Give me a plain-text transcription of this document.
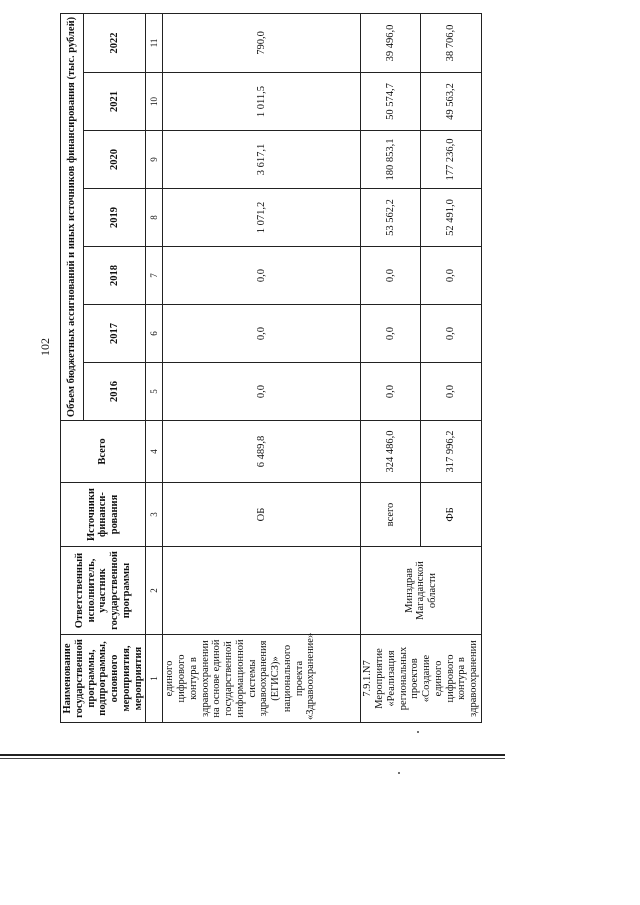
102
Наименование государственной программы, подпрограммы, основного мероприятия, мероприятия	Ответственный исполнитель, участник государственной программы	Источники финанси-рования	Всего	Объем бюджетных ассигнований и иных источников финансирования (тыс. рублей)						
				2016	2017	2018	2019	2020	2021	2022
1	2	3	4	5	6	7	8	9	10	11
единого цифрового контура в здравоохранении на основе единой государственной информационной системы здравоохранения (ЕГИСЗ)» национального проекта «Здравоохранение»		ОБ	6 489,8	0,0	0,0	0,0	1 071,2	3 617,1	1 011,5	790,0
7.9.1.N7 Мероприятие «Реализация региональных проектов «Создание единого цифрового контура в здравоохранении	Минздрав Магаданской области	всего	324 486,0	0,0	0,0	0,0	53 562,2	180 853,1	50 574,7	39 496,0
		ФБ	317 996,2	0,0	0,0	0,0	52 491,0	177 236,0	49 563,2	38 706,0
